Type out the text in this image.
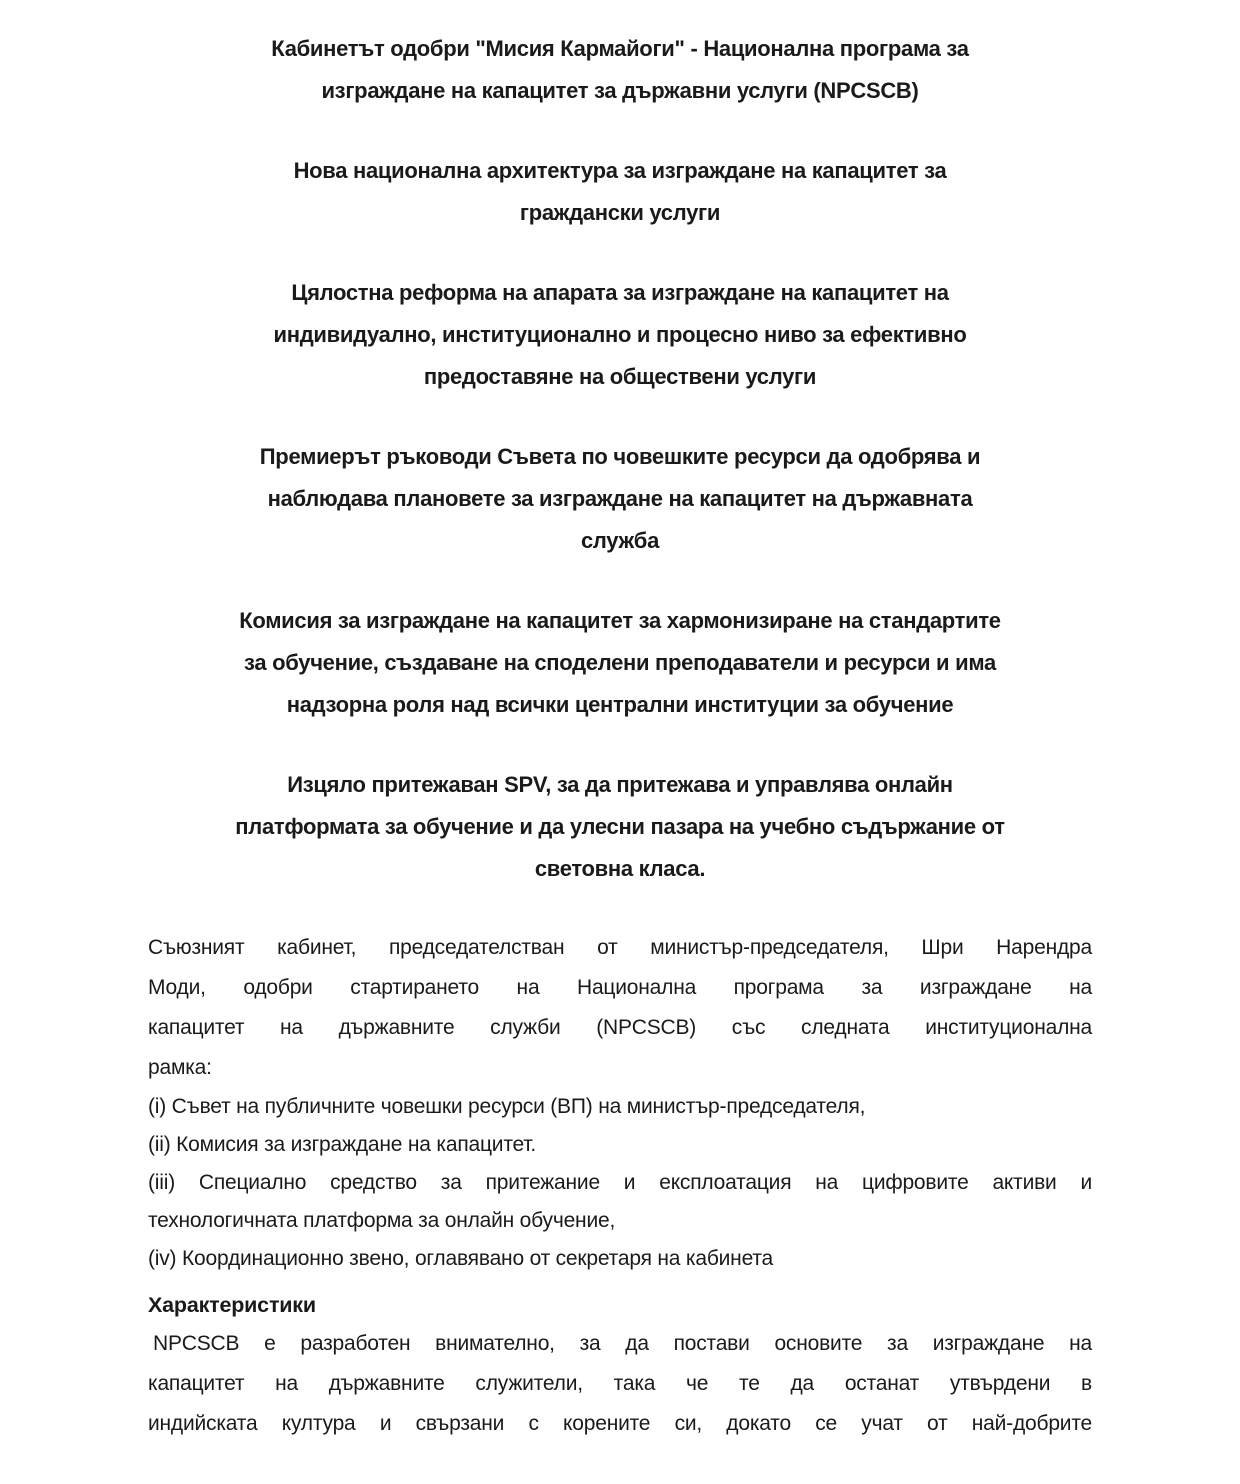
Кабинетът одобри "Мисия Кармайоги" - Национална програма за
изграждане на капацитет за държавни услуги (NPCSCB)
Нова национална архитектура за изграждане на капацитет за
граждански услуги
Цялостна реформа на апарата за изграждане на капацитет на
индивидуално, институционално и процесно ниво за ефективно
предоставяне на обществени услуги
Премиерът ръководи Съвета по човешките ресурси да одобрява и
наблюдава плановете за изграждане на капацитет на държавната
служба
Комисия за изграждане на капацитет за хармонизиране на стандартите
за обучение, създаване на споделени преподаватели и ресурси и има
надзорна роля над всички централни институции за обучение
Изцяло притежаван SPV, за да притежава и управлява онлайн
платформата за обучение и да улесни пазара на учебно съдържание от
световна класа.
Съюзният кабинет, председателстван от министър-председателя, Шри Нарендра
Моди, одобри стартирането на Национална програма за изграждане на
капацитет на държавните служби (NPCSCB) със следната институционална
рамка:
(i) Съвет на публичните човешки ресурси (ВП) на министър-председателя,
(ii) Комисия за изграждане на капацитет.
(iii) Специално средство за притежание и експлоатация на цифровите активи и
технологичната платформа за онлайн обучение,
(iv) Координационно звено, оглавявано от секретаря на кабинета
Характеристики
NPCSCB е разработен внимателно, за да постави основите за изграждане на
капацитет на държавните служители, така че те да останат утвърдени в
индийската култура и свързани с корените си, докато се учат от най-добрите
